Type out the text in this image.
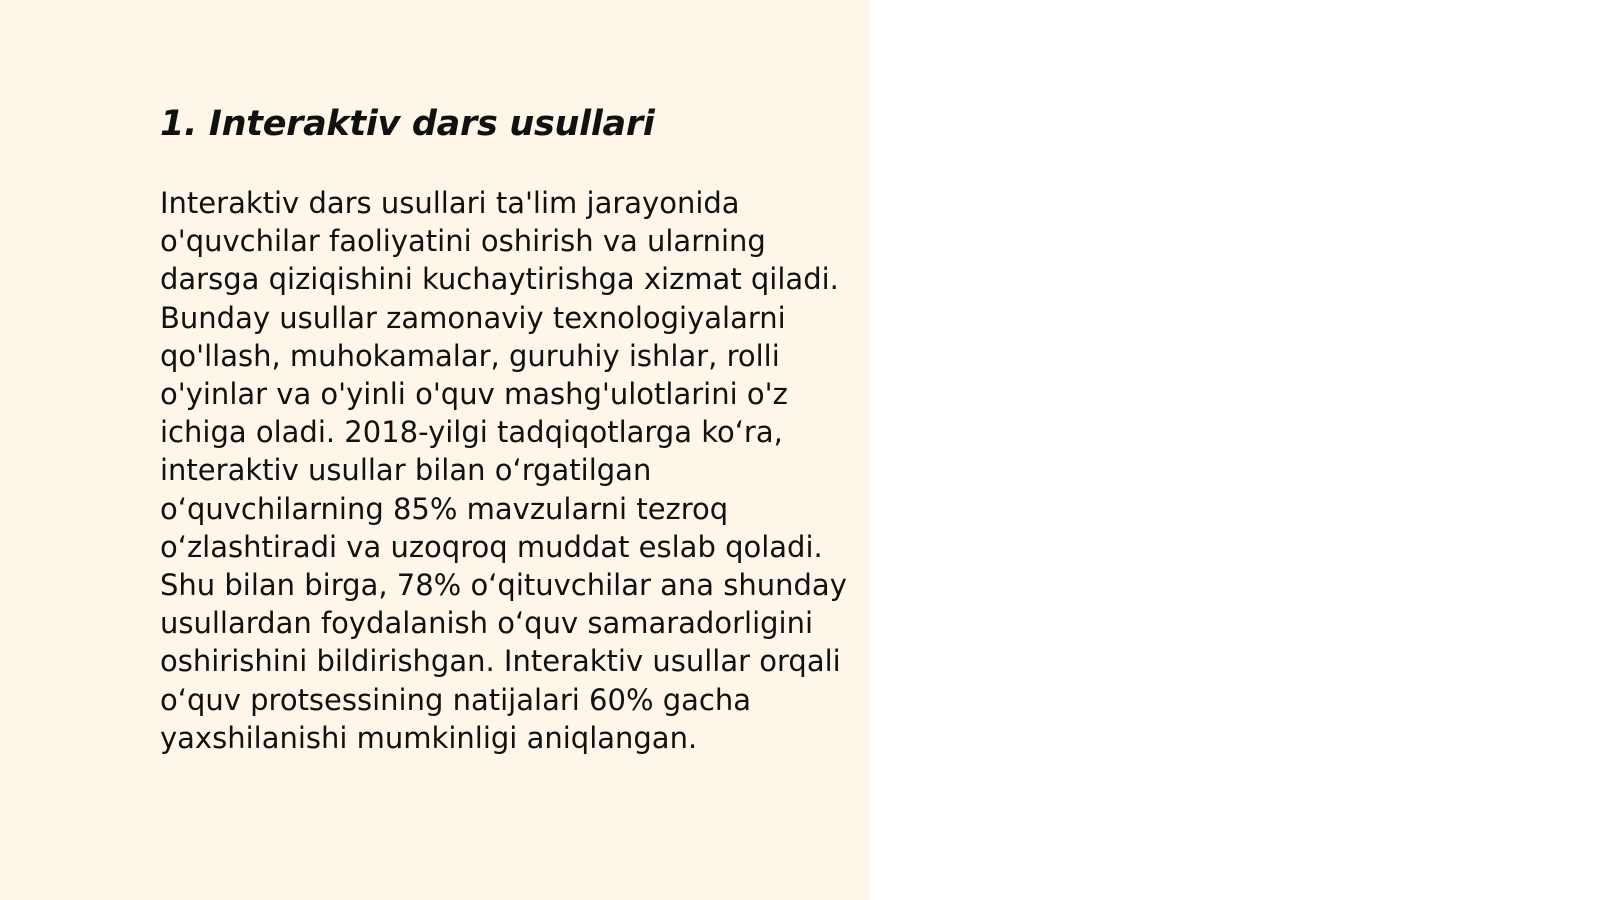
1. Interaktiv dars usullari

Interaktiv dars usullari ta'lim jarayonida o'quvchilar faoliyatini oshirish va ularning darsga qiziqishini kuchaytirishga xizmat qiladi. Bunday usullar zamonaviy texnologiyalarni qo'llash, muhokamalar, guruhiy ishlar, rolli o'yinlar va o'yinli o'quv mashg'ulotlarini o'z ichiga oladi. 2018-yilgi tadqiqotlarga koʻra, interaktiv usullar bilan oʻrgatilgan oʻquvchilarning 85% mavzularni tezroq oʻzlashtiradi va uzoqroq muddat eslab qoladi. Shu bilan birga, 78% oʻqituvchilar ana shunday usullardan foydalanish oʻquv samaradorligini oshirishini bildirishgan. Interaktiv usullar orqali oʻquv protsessining natijalari 60% gacha yaxshilanishi mumkinligi aniqlangan.
